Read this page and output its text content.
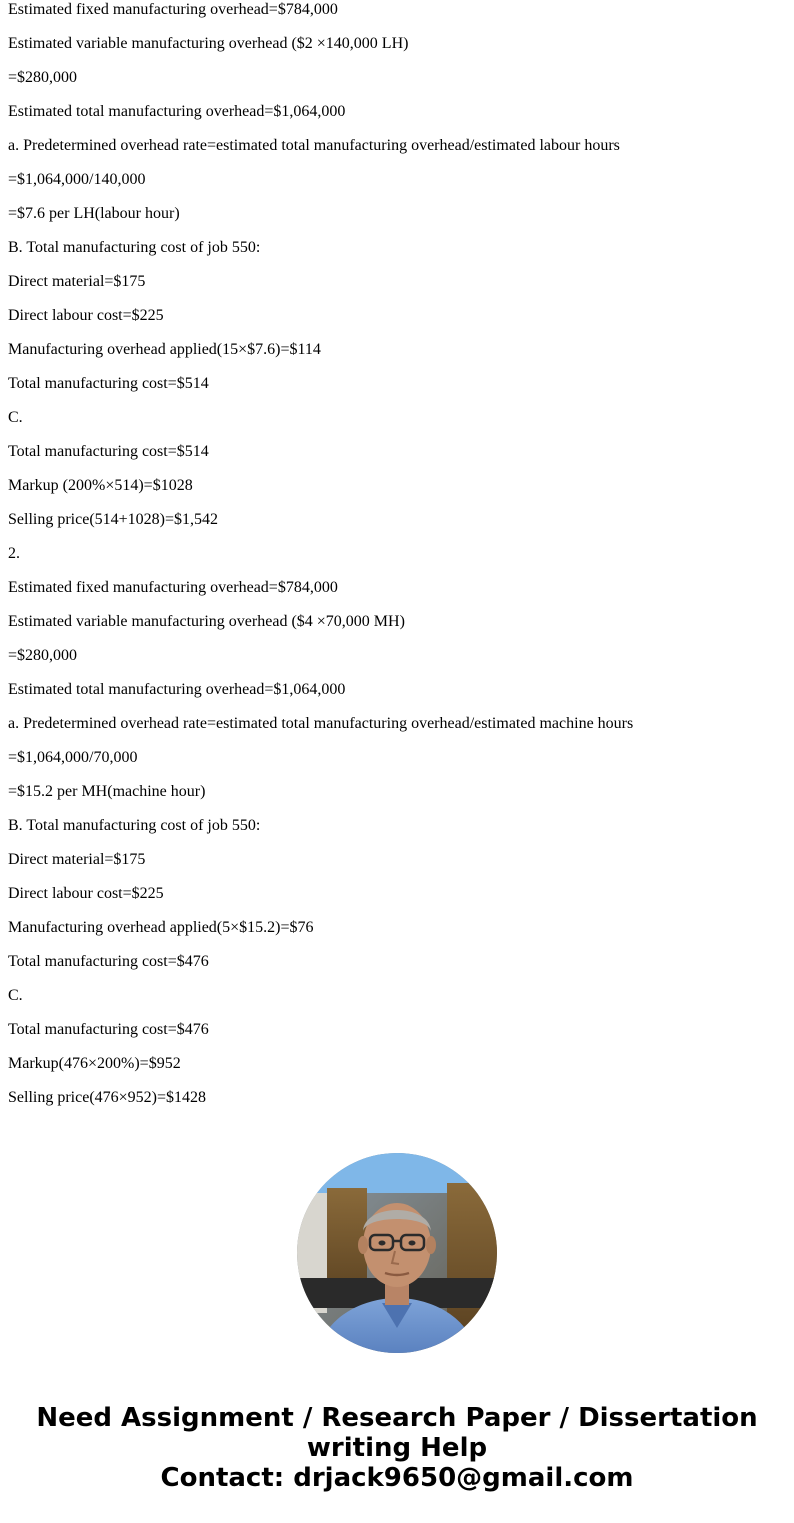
Estimated fixed manufacturing overhead=$784,000
Estimated variable manufacturing overhead ($2 ×140,000 LH)
=$280,000
Estimated total manufacturing overhead=$1,064,000
a. Predetermined overhead rate=estimated total manufacturing overhead/estimated labour hours
=$1,064,000/140,000
=$7.6 per LH(labour hour)
B. Total manufacturing cost of job 550:
Direct material=$175
Direct labour cost=$225
Manufacturing overhead applied(15×$7.6)=$114
Total manufacturing cost=$514
C.
Total manufacturing cost=$514
Markup (200%×514)=$1028
Selling price(514+1028)=$1,542
2.
Estimated fixed manufacturing overhead=$784,000
Estimated variable manufacturing overhead ($4 ×70,000 MH)
=$280,000
Estimated total manufacturing overhead=$1,064,000
a. Predetermined overhead rate=estimated total manufacturing overhead/estimated machine hours
=$1,064,000/70,000
=$15.2 per MH(machine hour)
B. Total manufacturing cost of job 550:
Direct material=$175
Direct labour cost=$225
Manufacturing overhead applied(5×$15.2)=$76
Total manufacturing cost=$476
C.
Total manufacturing cost=$476
Markup(476×200%)=$952
Selling price(476×952)=$1428
Need Assignment / Research Paper / Dissertation
writing Help
Contact: drjack9650@gmail.com
